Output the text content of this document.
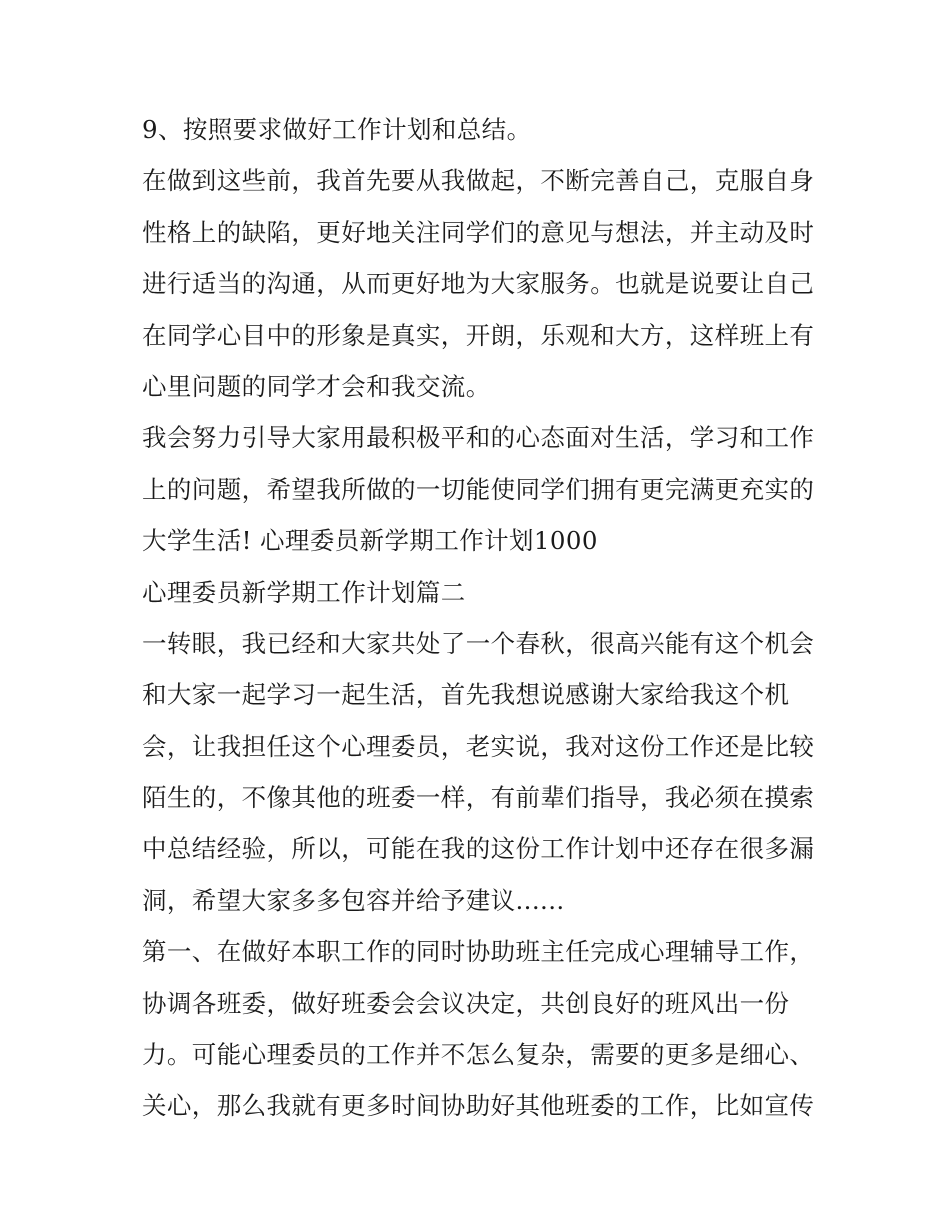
9、按照要求做好工作计划和总结。
在做到这些前，我首先要从我做起，不断完善自己，克服自身
性格上的缺陷，更好地关注同学们的意见与想法，并主动及时
进行适当的沟通，从而更好地为大家服务。也就是说要让自己
在同学心目中的形象是真实，开朗，乐观和大方，这样班上有
心里问题的同学才会和我交流。
我会努力引导大家用最积极平和的心态面对生活，学习和工作
上的问题，希望我所做的一切能使同学们拥有更完满更充实的
大学生活! 心理委员新学期工作计划1000
心理委员新学期工作计划篇二
一转眼，我已经和大家共处了一个春秋，很高兴能有这个机会
和大家一起学习一起生活，首先我想说感谢大家给我这个机
会，让我担任这个心理委员，老实说，我对这份工作还是比较
陌生的，不像其他的班委一样，有前辈们指导，我必须在摸索
中总结经验，所以，可能在我的这份工作计划中还存在很多漏
洞，希望大家多多包容并给予建议......
第一、在做好本职工作的同时协助班主任完成心理辅导工作，
协调各班委，做好班委会会议决定，共创良好的班风出一份
力。可能心理委员的工作并不怎么复杂，需要的更多是细心、
关心，那么我就有更多时间协助好其他班委的工作，比如宣传
